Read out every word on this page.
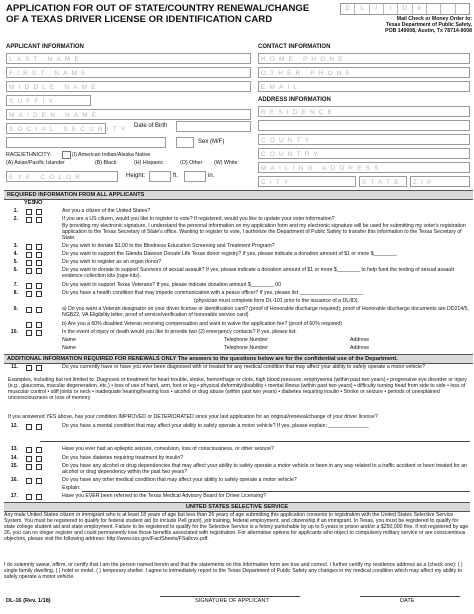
APPLICATION FOR OUT OF STATE/COUNTRY RENEWAL/CHANGE
OF A TEXAS DRIVER LICENSE OR IDENTIFICATION CARD
D	L	/	I	D	#
Mail Check or Money Order to:
Texas Department of Public Safety,
POB 149008, Austin, Tx 78714-9008
APPLICANT INFORMATION
LAST NAME
FIRST NAME
MIDDLE NAME
SUFFIX
MAIDEN NAME
SOCIAL SECURITY Date of Birth
Sex (M/F)
RACE/ETHNICITY:	(I) American Indian/Alaska Native
(A) Asian/Pacific Islander	(B) Black	(H) Hispanic	(O) Other (W) White
EYE COLOR	Height:	ft.	in.
CONTACT INFORMATION
HOME PHONE
OTHER PHONE
EMAIL
ADDRESS INFORMATION
RESIDENCE
COUNTY
COUNTRY
MAILING ADDRESS
CITY	STATE	ZIP
REQUIRED INFORMATION FROM ALL APPLICANTS
YES
NO
1.	Are you a citizen of the United States?
2.	If you are a US citizen, would you like to register to vote? If registered, would you like to update your voter information?
By providing my electronic signature, I understand the personal information on my application form and my electronic signature will be used for submitting my voter's registration application to the Texas Secretary of State's office. Wanting to register to vote, I authorize the Department of Public Safety to transfer this information to the Texas Secretary of State.
3.	Do you wish to donate $1.00 to the Blindness Education Screening and Treatment Program?
4.	Do you want to support the Glenda Dawson Donate Life Texas donor registry? If yes, please indicate a donation amount of $1 or more $________
5.	Do you wish to register as an organ donor?
6.	Do you want to donate to support Survivors of sexual assault? If yes, please indicate a donation amount of $1 or more $________ to help fund the testing of sexual assault evidence collection kits (rape kits).
7.	Do you want to support Texas Veterans? If yes, please indicate donation amount $________.00
8.	Do you have a health condition that may impede communication with a peace officer? If yes, please list ______________________
(physician must complete form DL-101 prior to the issuance of a DL/ID).
9.	a) Do you want a Veteran designator on your driver license or identification card? (proof of Honorable discharge required); proof of Honorable discharge documents are DD214/5, NGB22, VA Eligibility letter, proof of service/verification of honorable service card)
b) Are you a 60% disabled Veteran receiving compensation and want to waive the application fee? (proof of 60% required)
10.	In the event of injury or death would you like to provide two (2) emergency contacts? If yes, please list:
Name	Telephone Number	Address
Name	Telephone Number	Address
ADDITIONAL INFORMATION REQUIRED FOR RENEWALS ONLY The answers to the questions below are for the confidential use of the Department.
11.	Do you currently have or have you ever been diagnosed with or treated for any medical condition that may affect your ability to safely operate a motor vehicle?
Examples, including but not limited to: Diagnosis or treatment for heart trouble, stroke, hemorrhage or clots, high blood pressure, emphysema (within past two years) • progressive eye disorder or injury (e.g., glaucoma, macular degeneration, etc.) • loss of use of hand, arm, foot or leg • physical deformity/disability • mental illness (within past two years) • difficulty turning head from side to side • loss of muscular control • stiff joints or neck • inadequate hearing/hearing loss • alcohol or drug abuse (within past two years) • diabetes requiring insulin • Stroke or seizure • periods of unexplained unconsciousness or loss of memory
If you answered YES above, has your condition IMPROVED or DETERIORATED since your last application for an original/renewal/change of your driver license?
12.	Do you have a mental condition that may affect your ability to safely operate a motor vehicle? If yes, please explain: ______________
13.	Have you ever had an epileptic seizure, convulsion, loss of consciousness, or other seizure?
14.	Do you have diabetes requiring treatment by insulin?
15.	Do you have any alcohol or drug dependencies that may affect your ability to safely operate a motor vehicle or been in any way related to a traffic accident or been treated for an alcohol or drug dependency within the past two years?
16.	Do you have any other medical condition that may affect your ability to safely operate a motor vehicle?
Explain:
17.	Have you EVER been referred to the Texas Medical Advisory Board for Driver Licensing?
UNITED STATES SELECTIVE SERVICE
Any male United States citizen or immigrant who is at least 18 years of age but less than 26 years of age submitting this application consents to registration with the United States Selective Service System. You must be registered to qualify for federal student aid (to include Pell grant), job training, federal employment, and citizenship if an immigrant. In Texas, you must be registered to qualify for state college student aid and state employment. Failure to be registered to qualify for the Selective Service is a felony punishable by up to 5 years in prison and/or a $250,000 fine. If not registered by age 26, you can no longer register and could permanently lose those benefits associated with registration. For alternative options for applicants who object to compulsory military service or are conscientious objectors, please visit the following address: http://www.sss.gov/FactSheets/FSaltcvx.pdf.
I do solemnly swear, affirm, or certify that I am the person named herein and that the statements on this information form are true and correct. I further certify my residence address as a (check one): ( ) single family dwelling, ( ) hotel or motel, ( ) temporary shelter. I agree to immediately report to the Texas Department of Public Safety any changes in my medical condition which may affect my ability to safely operate a motor vehicle.
DL-16 (Rev. 1/18)	SIGNATURE OF APPLICANT	DATE
